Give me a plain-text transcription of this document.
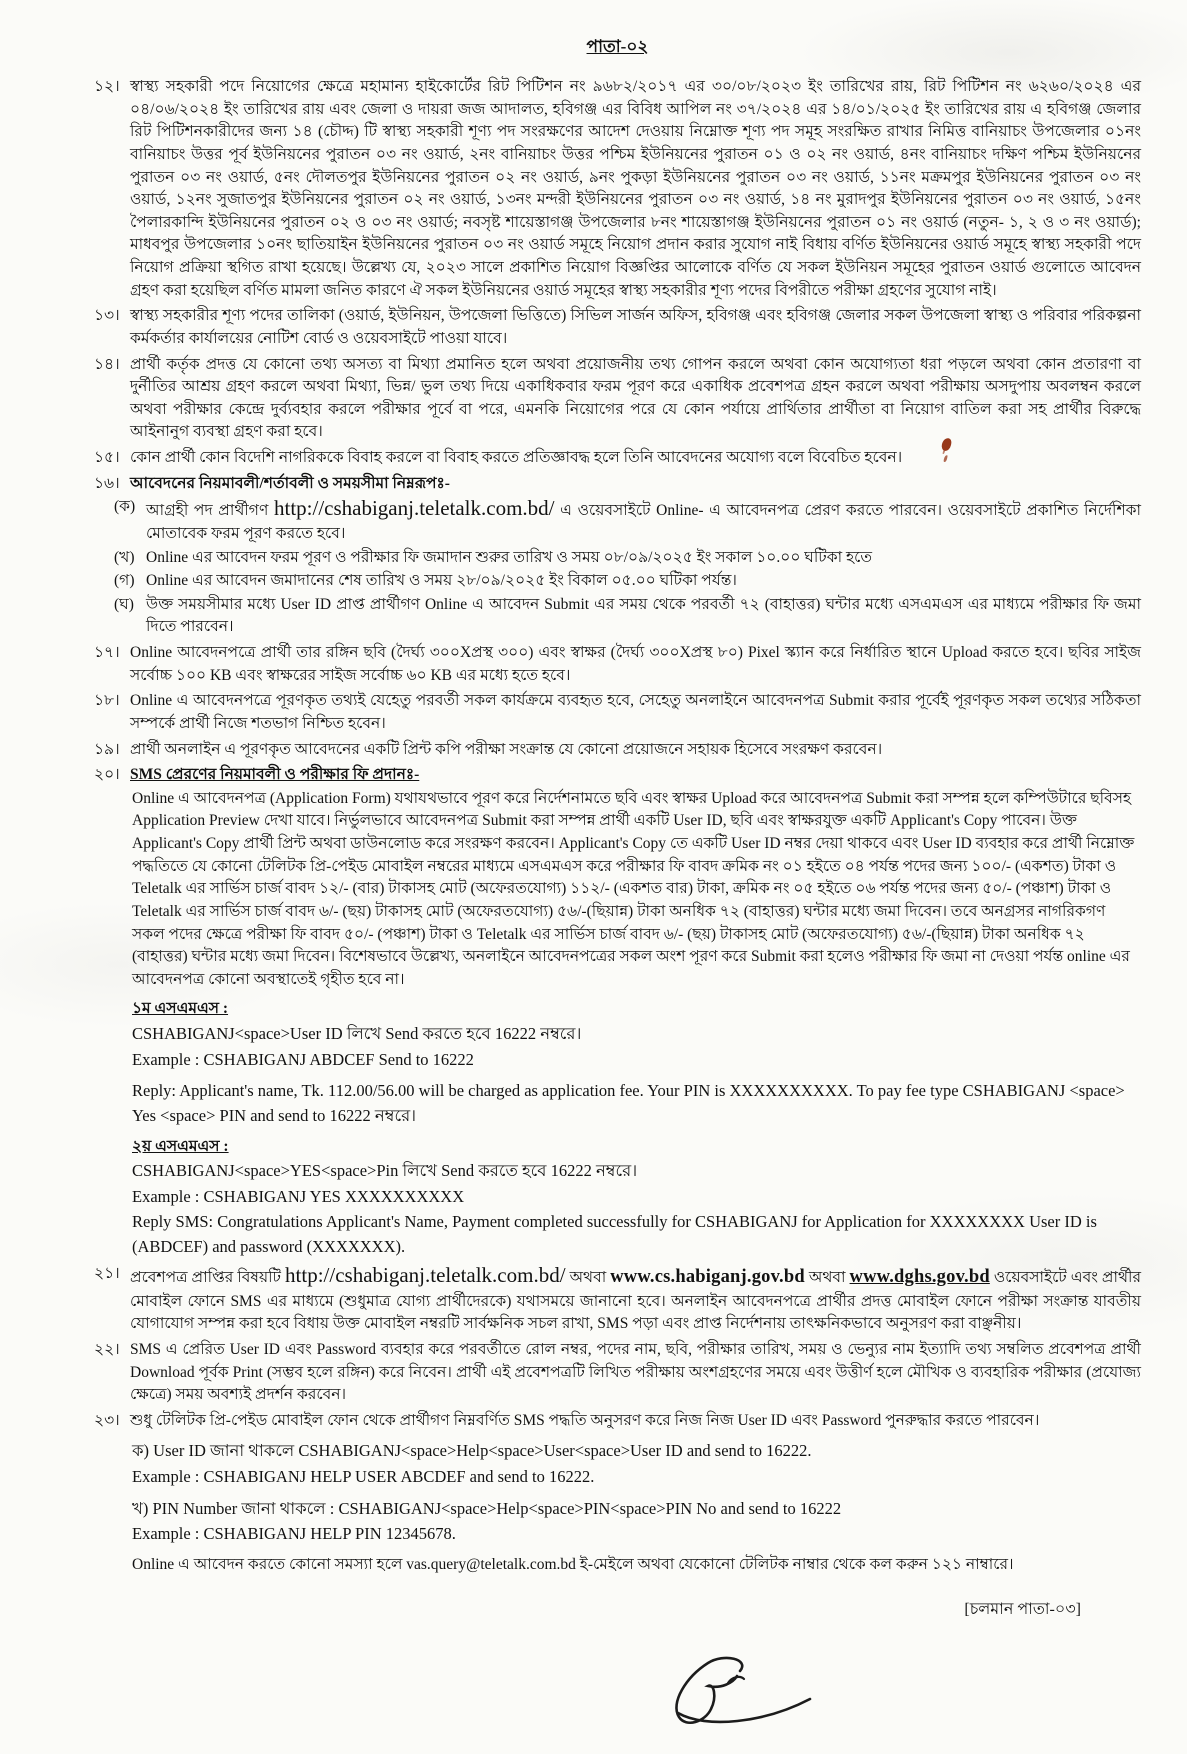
পাতা-০২
১২। স্বাস্থ্য সহকারী পদে নিয়োগের ক্ষেত্রে মহামান্য হাইকোর্টের রিট পিটিশন নং ৯৬৮২/২০১৭ এর ৩০/০৮/২০২৩ ইং তারিখের রায়, রিট পিটিশন নং ৬২৬০/২০২৪ এর ০৪/০৬/২০২৪ ইং তারিখের রায় এবং জেলা ও দায়রা জজ আদালত, হবিগঞ্জ এর বিবিধ আপিল নং ৩৭/২০২৪ এর ১৪/০১/২০২৫ ইং তারিখের রায় এ হবিগঞ্জ জেলার রিট পিটিশনকারীদের জন্য ১৪ (চৌদ্দ) টি স্বাস্থ্য সহকারী শূণ্য পদ সংরক্ষণের আদেশ দেওয়ায় নিম্নোক্ত শূণ্য পদ সমূহ সংরক্ষিত রাখার নিমিত্ত বানিয়াচং উপজেলার ০১নং বানিয়াচং উত্তর পূর্ব ইউনিয়নের পুরাতন ০৩ নং ওয়ার্ড, ২নং বানিয়াচং উত্তর পশ্চিম ইউনিয়নের পুরাতন ০১ ও ০২ নং ওয়ার্ড, ৪নং বানিয়াচং দক্ষিণ পশ্চিম ইউনিয়নের পুরাতন ০৩ নং ওয়ার্ড, ৫নং দৌলতপুর ইউনিয়নের পুরাতন ০২ নং ওয়ার্ড, ৯নং পুকড়া ইউনিয়নের পুরাতন ০৩ নং ওয়ার্ড, ১১নং মক্রমপুর ইউনিয়নের পুরাতন ০৩ নং ওয়ার্ড, ১২নং সুজাতপুর ইউনিয়নের পুরাতন ০২ নং ওয়ার্ড, ১৩নং মন্দরী ইউনিয়নের পুরাতন ০৩ নং ওয়ার্ড, ১৪ নং মুরাদপুর ইউনিয়নের পুরাতন ০৩ নং ওয়ার্ড, ১৫নং পৈলারকান্দি ইউনিয়নের পুরাতন ০২ ও ০৩ নং ওয়ার্ড; নবসৃষ্ট শায়েস্তাগঞ্জ উপজেলার ৮নং শায়েস্তাগঞ্জ ইউনিয়নের পুরাতন ০১ নং ওয়ার্ড (নতুন- ১, ২ ও ৩ নং ওয়ার্ড); মাধবপুর উপজেলার ১০নং ছাতিয়াইন ইউনিয়নের পুরাতন ০৩ নং ওয়ার্ড সমূহে নিয়োগ প্রদান করার সুযোগ নাই বিধায় বর্ণিত ইউনিয়নের ওয়ার্ড সমূহে স্বাস্থ্য সহকারী পদে নিয়োগ প্রক্রিয়া স্থগিত রাখা হয়েছে। উল্লেখ্য যে, ২০২৩ সালে প্রকাশিত নিয়োগ বিজ্ঞপ্তির আলোকে বর্ণিত যে সকল ইউনিয়ন সমূহের পুরাতন ওয়ার্ড গুলোতে আবেদন গ্রহণ করা হয়েছিল বর্ণিত মামলা জনিত কারণে ঐ সকল ইউনিয়নের ওয়ার্ড সমূহের স্বাস্থ্য সহকারীর শূণ্য পদের বিপরীতে পরীক্ষা গ্রহণের সুযোগ নাই।
১৩। স্বাস্থ্য সহকারীর শূণ্য পদের তালিকা (ওয়ার্ড, ইউনিয়ন, উপজেলা ভিত্তিতে) সিভিল সার্জন অফিস, হবিগঞ্জ এবং হবিগঞ্জ জেলার সকল উপজেলা স্বাস্থ্য ও পরিবার পরিকল্পনা কর্মকর্তার কার্যালয়ের নোটিশ বোর্ড ও ওয়েবসাইটে পাওয়া যাবে।
১৪। প্রার্থী কর্তৃক প্রদত্ত যে কোনো তথ্য অসত্য বা মিথ্যা প্রমানিত হলে অথবা প্রয়োজনীয় তথ্য গোপন করলে অথবা কোন অযোগ্যতা ধরা পড়লে অথবা কোন প্রতারণা বা দুর্নীতির আশ্রয় গ্রহণ করলে অথবা মিথ্যা, ভিন্ন/ ভুল তথ্য দিয়ে একাধিকবার ফরম পূরণ করে একাধিক প্রবেশপত্র গ্রহন করলে অথবা পরীক্ষায় অসদুপায় অবলম্বন করলে অথবা পরীক্ষার কেন্দ্রে দুর্ব্যবহার করলে পরীক্ষার পূর্বে বা পরে, এমনকি নিয়োগের পরে যে কোন পর্যায়ে প্রার্থিতার প্রার্থীতা বা নিয়োগ বাতিল করা সহ প্রার্থীর বিরুদ্ধে আইনানুগ ব্যবস্থা গ্রহণ করা হবে।
১৫। কোন প্রার্থী কোন বিদেশি নাগরিককে বিবাহ করলে বা বিবাহ করতে প্রতিজ্ঞাবদ্ধ হলে তিনি আবেদনের অযোগ্য বলে বিবেচিত হবেন।
১৬। আবেদনের নিয়মাবলী/শর্তাবলী ও সময়সীমা নিম্নরূপঃ-
(ক) আগ্রহী পদ প্রার্থীগণ http://cshabiganj.teletalk.com.bd/ এ ওয়েবসাইটে Online- এ আবেদনপত্র প্রেরণ করতে পারবেন। ওয়েবসাইটে প্রকাশিত নির্দেশিকা মোতাবেক ফরম পূরণ করতে হবে।
(খ) Online এর আবেদন ফরম পূরণ ও পরীক্ষার ফি জমাদান শুরুর তারিখ ও সময় ০৮/০৯/২০২৫ ইং সকাল ১০.০০ ঘটিকা হতে
(গ) Online এর আবেদন জমাদানের শেষ তারিখ ও সময় ২৮/০৯/২০২৫ ইং বিকাল ০৫.০০ ঘটিকা পর্যন্ত।
(ঘ) উক্ত সময়সীমার মধ্যে User ID প্রাপ্ত প্রার্থীগণ Online এ আবেদন Submit এর সময় থেকে পরবর্তী ৭২ (বাহাত্তর) ঘন্টার মধ্যে এসএমএস এর মাধ্যমে পরীক্ষার ফি জমা দিতে পারবেন।
১৭। Online আবেদনপত্রে প্রার্থী তার রঙ্গিন ছবি (দৈর্ঘ্য ৩০০Xপ্রস্থ ৩০০) এবং স্বাক্ষর (দৈর্ঘ্য ৩০০Xপ্রস্থ ৮০) Pixel স্ক্যান করে নির্ধারিত স্থানে Upload করতে হবে। ছবির সাইজ সর্বোচ্চ ১০০ KB এবং স্বাক্ষরের সাইজ সর্বোচ্চ ৬০ KB এর মধ্যে হতে হবে।
১৮। Online এ আবেদনপত্রে পূরণকৃত তথ্যই যেহেতু পরবর্তী সকল কার্যক্রমে ব্যবহৃত হবে, সেহেতু অনলাইনে আবেদনপত্র Submit করার পূর্বেই পূরণকৃত সকল তথ্যের সঠিকতা সম্পর্কে প্রার্থী নিজে শতভাগ নিশ্চিত হবেন।
১৯। প্রার্থী অনলাইন এ পূরণকৃত আবেদনের একটি প্রিন্ট কপি পরীক্ষা সংক্রান্ত যে কোনো প্রয়োজনে সহায়ক হিসেবে সংরক্ষণ করবেন।
২০। SMS প্রেরণের নিয়মাবলী ও পরীক্ষার ফি প্রদানঃ-
Online এ আবেদনপত্র (Application Form) যথাযথভাবে পূরণ করে নির্দেশনামতে ছবি এবং স্বাক্ষর Upload করে আবেদনপত্র Submit করা সম্পন্ন হলে কম্পিউটারে ছবিসহ Application Preview দেখা যাবে। নির্ভুলভাবে আবেদনপত্র Submit করা সম্পন্ন প্রার্থী একটি User ID, ছবি এবং স্বাক্ষরযুক্ত একটি Applicant's Copy পাবেন। উক্ত Applicant's Copy প্রার্থী প্রিন্ট অথবা ডাউনলোড করে সংরক্ষণ করবেন। Applicant's Copy তে একটি User ID নম্বর দেয়া থাকবে এবং User ID ব্যবহার করে প্রার্থী নিম্নোক্ত পদ্ধতিতে যে কোনো টেলিটক প্রি-পেইড মোবাইল নম্বরের মাধ্যমে এসএমএস করে পরীক্ষার ফি বাবদ ক্রমিক নং ০১ হইতে ০৪ পর্যন্ত পদের জন্য ১০০/- (একশত) টাকা ও Teletalk এর সার্ভিস চার্জ বাবদ ১২/- (বার) টাকাসহ মোট (অফেরতযোগ্য) ১১২/- (একশত বার) টাকা, ক্রমিক নং ০৫ হইতে ০৬ পর্যন্ত পদের জন্য ৫০/- (পঞ্চাশ) টাকা ও Teletalk এর সার্ভিস চার্জ বাবদ ৬/- (ছয়) টাকাসহ মোট (অফেরতযোগ্য) ৫৬/-(ছিয়ান্ন) টাকা অনধিক ৭২ (বাহাত্তর) ঘন্টার মধ্যে জমা দিবেন। তবে অনগ্রসর নাগরিকগণ সকল পদের ক্ষেত্রে পরীক্ষা ফি বাবদ ৫০/- (পঞ্চাশ) টাকা ও Teletalk এর সার্ভিস চার্জ বাবদ ৬/- (ছয়) টাকাসহ মোট (অফেরতযোগ্য) ৫৬/-(ছিয়ান্ন) টাকা অনধিক ৭২ (বাহাত্তর) ঘন্টার মধ্যে জমা দিবেন। বিশেষভাবে উল্লেখ্য, অনলাইনে আবেদনপত্রের সকল অংশ পূরণ করে Submit করা হলেও পরীক্ষার ফি জমা না দেওয়া পর্যন্ত online এর আবেদনপত্র কোনো অবস্থাতেই গৃহীত হবে না।
১ম এসএমএস :
CSHABIGANJ<space>User ID লিখে Send করতে হবে 16222 নম্বরে।
Example : CSHABIGANJ ABDCEF Send to 16222
Reply: Applicant's name, Tk. 112.00/56.00 will be charged as application fee. Your PIN is XXXXXXXXXX. To pay fee type CSHABIGANJ <space> Yes <space> PIN and send to 16222 নম্বরে।
২য় এসএমএস :
CSHABIGANJ<space>YES<space>Pin লিখে Send করতে হবে 16222 নম্বরে।
Example : CSHABIGANJ YES XXXXXXXXXX
Reply SMS: Congratulations Applicant's Name, Payment completed successfully for CSHABIGANJ for Application for XXXXXXXX User ID is (ABDCEF) and password (XXXXXXX).
২১। প্রবেশপত্র প্রাপ্তির বিষয়টি http://cshabiganj.teletalk.com.bd/ অথবা www.cs.habiganj.gov.bd অথবা www.dghs.gov.bd ওয়েবসাইটে এবং প্রার্থীর মোবাইল ফোনে SMS এর মাধ্যমে (শুধুমাত্র যোগ্য প্রার্থীদেরকে) যথাসময়ে জানানো হবে। অনলাইন আবেদনপত্রে প্রার্থীর প্রদত্ত মোবাইল ফোনে পরীক্ষা সংক্রান্ত যাবতীয় যোগাযোগ সম্পন্ন করা হবে বিধায় উক্ত মোবাইল নম্বরটি সার্বক্ষনিক সচল রাখা, SMS পড়া এবং প্রাপ্ত নির্দেশনায় তাৎক্ষনিকভাবে অনুসরণ করা বাঞ্ছনীয়।
২২। SMS এ প্রেরিত User ID এবং Password ব্যবহার করে পরবর্তীতে রোল নম্বর, পদের নাম, ছবি, পরীক্ষার তারিখ, সময় ও ভেন্যুর নাম ইত্যাদি তথ্য সম্বলিত প্রবেশপত্র প্রার্থী Download পূর্বক Print (সম্ভব হলে রঙ্গিন) করে নিবেন। প্রার্থী এই প্রবেশপত্রটি লিখিত পরীক্ষায় অংশগ্রহণের সময়ে এবং উত্তীর্ণ হলে মৌখিক ও ব্যবহারিক পরীক্ষার (প্রযোজ্য ক্ষেত্রে) সময় অবশ্যই প্রদর্শন করবেন।
২৩। শুধু টেলিটক প্রি-পেইড মোবাইল ফোন থেকে প্রার্থীগণ নিম্নবর্ণিত SMS পদ্ধতি অনুসরণ করে নিজ নিজ User ID এবং Password পুনরুদ্ধার করতে পারবেন।
ক) User ID জানা থাকলে CSHABIGANJ<space>Help<space>User<space>User ID and send to 16222.
Example : CSHABIGANJ HELP USER ABCDEF and send to 16222.
খ) PIN Number জানা থাকলে : CSHABIGANJ<space>Help<space>PIN<space>PIN No and send to 16222
Example : CSHABIGANJ HELP PIN 12345678.
Online এ আবেদন করতে কোনো সমস্যা হলে vas.query@teletalk.com.bd ই-মেইলে অথবা যেকোনো টেলিটক নাম্বার থেকে কল করুন ১২১ নাম্বারে।
[চলমান পাতা-০৩]
